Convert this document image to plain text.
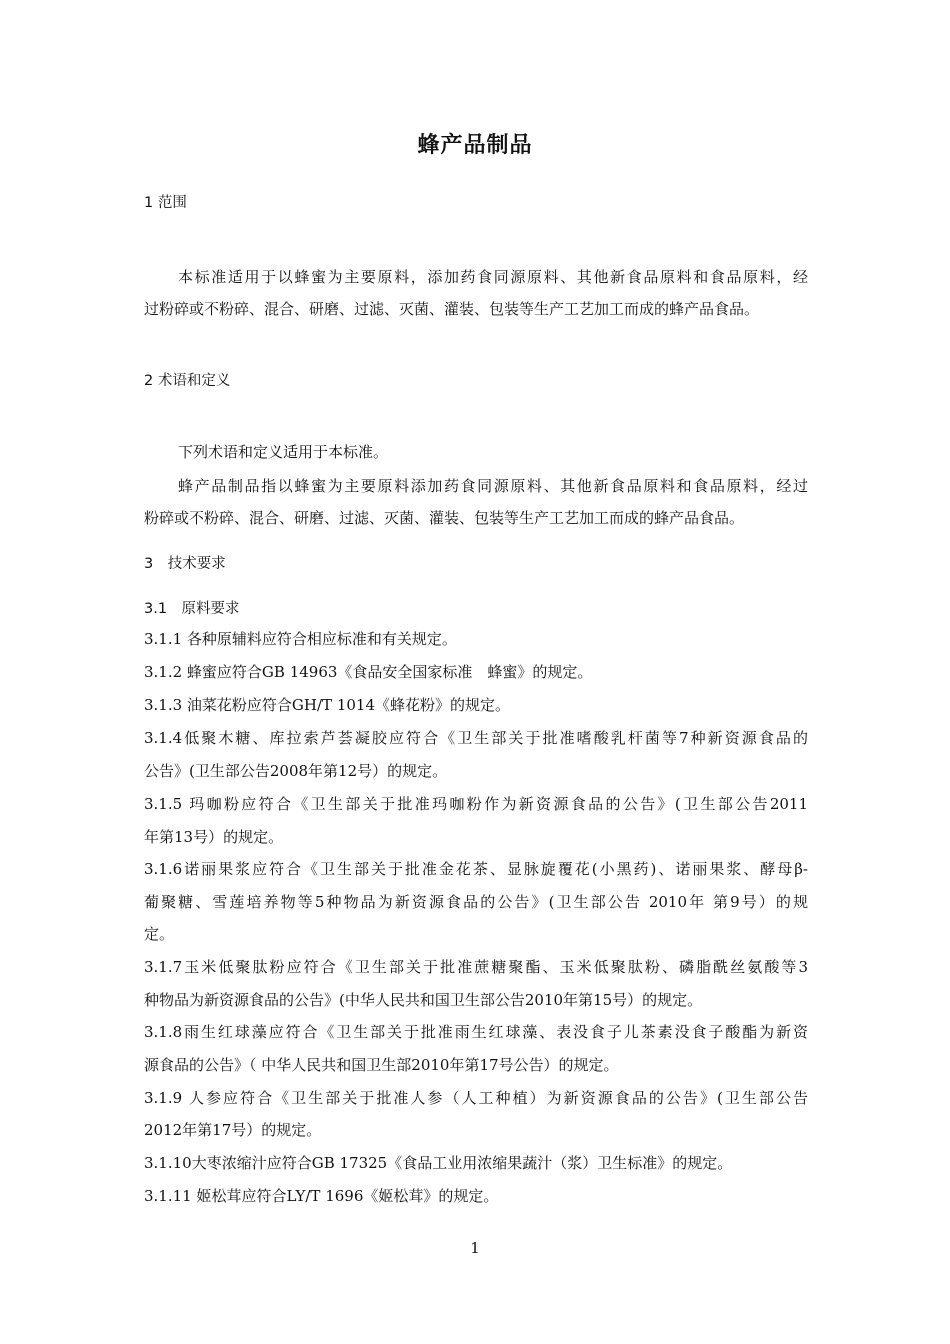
蜂产品制品
1 范围
本标准适用于以蜂蜜为主要原料，添加药食同源原料、其他新食品原料和食品原料，经
过粉碎或不粉碎、混合、研磨、过滤、灭菌、灌装、包装等生产工艺加工而成的蜂产品食品。
2 术语和定义
下列术语和定义适用于本标准。
蜂产品制品指以蜂蜜为主要原料添加药食同源原料、其他新食品原料和食品原料，经过
粉碎或不粉碎、混合、研磨、过滤、灭菌、灌装、包装等生产工艺加工而成的蜂产品食品。
3　技术要求
3.1　原料要求
3.1.1 各种原辅料应符合相应标准和有关规定。
3.1.2 蜂蜜应符合GB 14963《食品安全国家标准　蜂蜜》的规定。
3.1.3 油菜花粉应符合GH/T 1014《蜂花粉》的规定。
3.1.4低聚木糖、库拉索芦荟凝胶应符合《卫生部关于批准嗜酸乳杆菌等7种新资源食品的
公告》(卫生部公告2008年第12号）的规定。
3.1.5 玛咖粉应符合《卫生部关于批准玛咖粉作为新资源食品的公告》(卫生部公告2011
年第13号）的规定。
3.1.6诺丽果浆应符合《卫生部关于批准金花茶、显脉旋覆花(小黑药)、诺丽果浆、酵母β-
葡聚糖、雪莲培养物等5种物品为新资源食品的公告》(卫生部公告 2010年 第9号）的规
定。
3.1.7玉米低聚肽粉应符合《卫生部关于批准蔗糖聚酯、玉米低聚肽粉、磷脂酰丝氨酸等3
种物品为新资源食品的公告》(中华人民共和国卫生部公告2010年第15号）的规定。
3.1.8雨生红球藻应符合《卫生部关于批准雨生红球藻、表没食子儿茶素没食子酸酯为新资
源食品的公告》（ 中华人民共和国卫生部2010年第17号公告）的规定。
3.1.9 人参应符合《卫生部关于批准人参（人工种植）为新资源食品的公告》(卫生部公告
2012年第17号）的规定。
3.1.10大枣浓缩汁应符合GB 17325《食品工业用浓缩果蔬汁（浆）卫生标准》的规定。
3.1.11 姬松茸应符合LY/T 1696《姬松茸》的规定。
1
